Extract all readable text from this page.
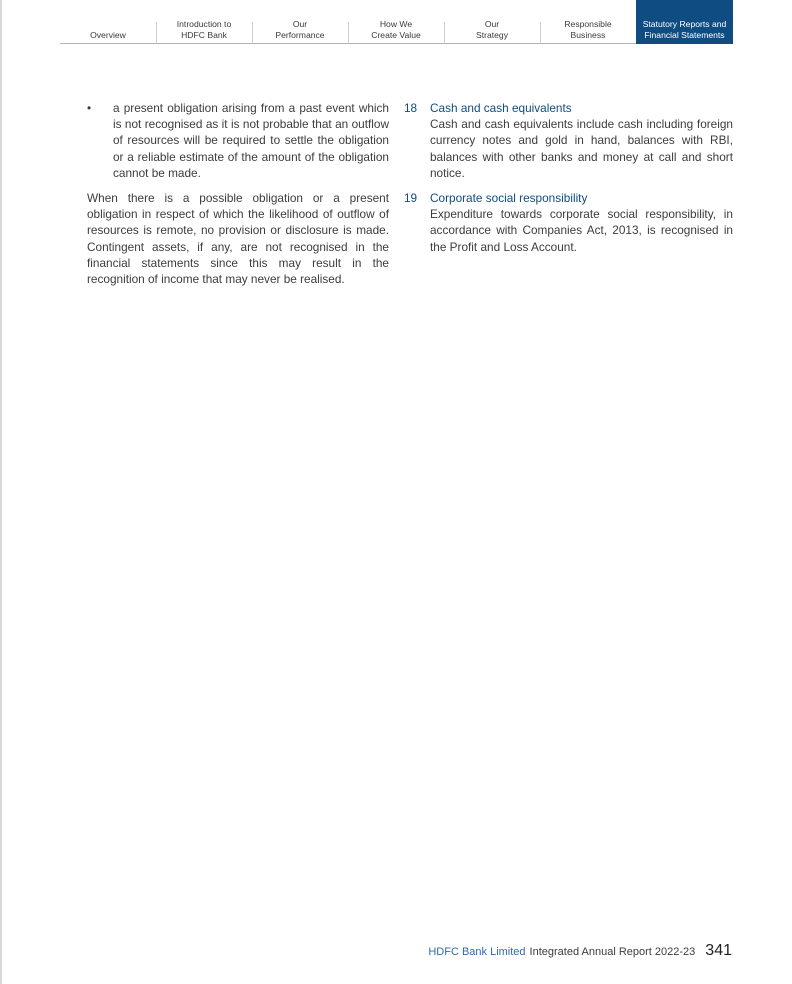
Overview
Introduction to
HDFC Bank
Our
Performance
How We
Create Value
Our
Strategy
Responsible
Business
Statutory Reports and
Financial Statements
•	a present obligation arising from a past event which is not recognised as it is not probable that an outflow of resources will be required to settle the obligation or a reliable estimate of the amount of the obligation cannot be made.

When there is a possible obligation or a present obligation in respect of which the likelihood of outflow of resources is remote, no provision or disclosure is made. Contingent assets, if any, are not recognised in the financial statements since this may result in the recognition of income that may never be realised.

18	Cash and cash equivalents
Cash and cash equivalents include cash including foreign currency notes and gold in hand, balances with RBI, balances with other banks and money at call and short notice.
19	Corporate social responsibility
Expenditure towards corporate social responsibility, in accordance with Companies Act, 2013, is recognised in the Profit and Loss Account.
HDFC Bank Limited Integrated Annual Report 2022-23 341
